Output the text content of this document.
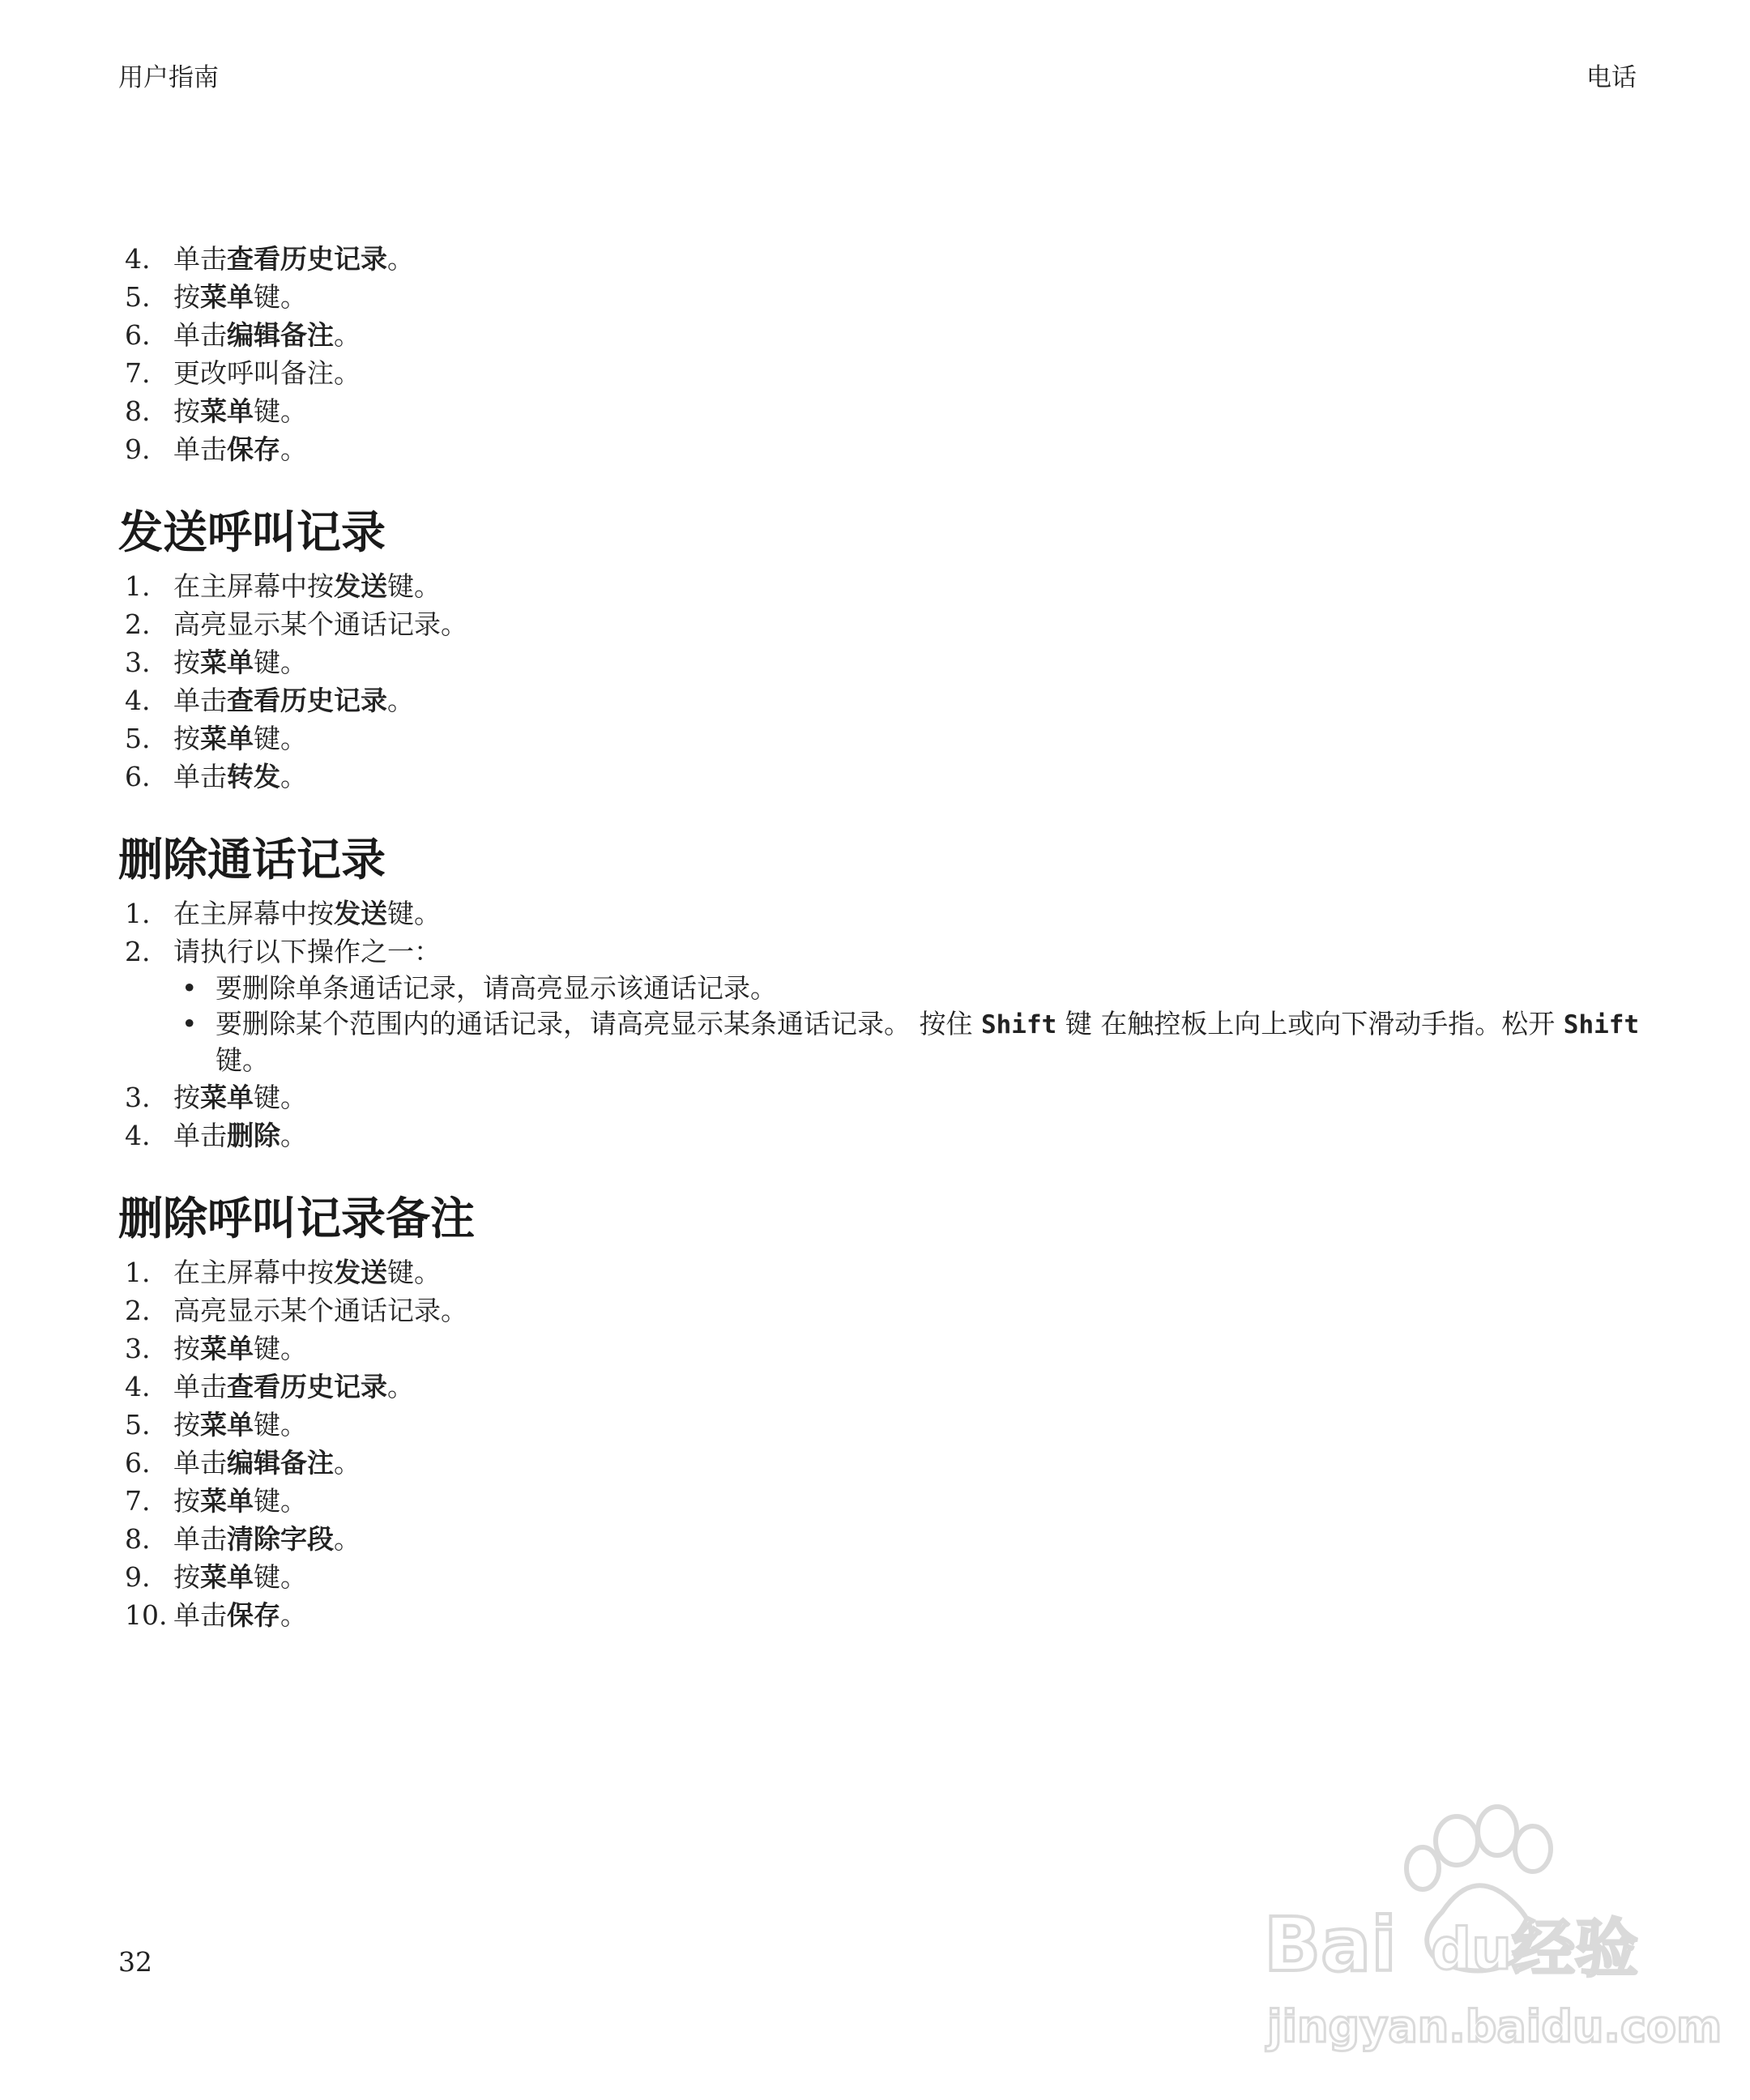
用户指南	电话
4. 单击查看历史记录。
5. 按菜单键。
6. 单击编辑备注。
7. 更改呼叫备注。
8. 按菜单键。
9. 单击保存。
发送呼叫记录
1. 在主屏幕中按发送键。
2. 高亮显示某个通话记录。
3. 按菜单键。
4. 单击查看历史记录。
5. 按菜单键。
6. 单击转发。
删除通话记录
1. 在主屏幕中按发送键。
2. 请执行以下操作之一：
• 要删除单条通话记录，请高亮显示该通话记录。
• 要删除某个范围内的通话记录，请高亮显示某条通话记录。 按住 Shift 键 在触控板上向上或向下滑动手指。松开 Shift 键。
3. 按菜单键。
4. 单击删除。
删除呼叫记录备注
1. 在主屏幕中按发送键。
2. 高亮显示某个通话记录。
3. 按菜单键。
4. 单击查看历史记录。
5. 按菜单键。
6. 单击编辑备注。
7. 按菜单键。
8. 单击清除字段。
9. 按菜单键。
10. 单击保存。
32	Bai du 经验
jingyan.baidu.com
